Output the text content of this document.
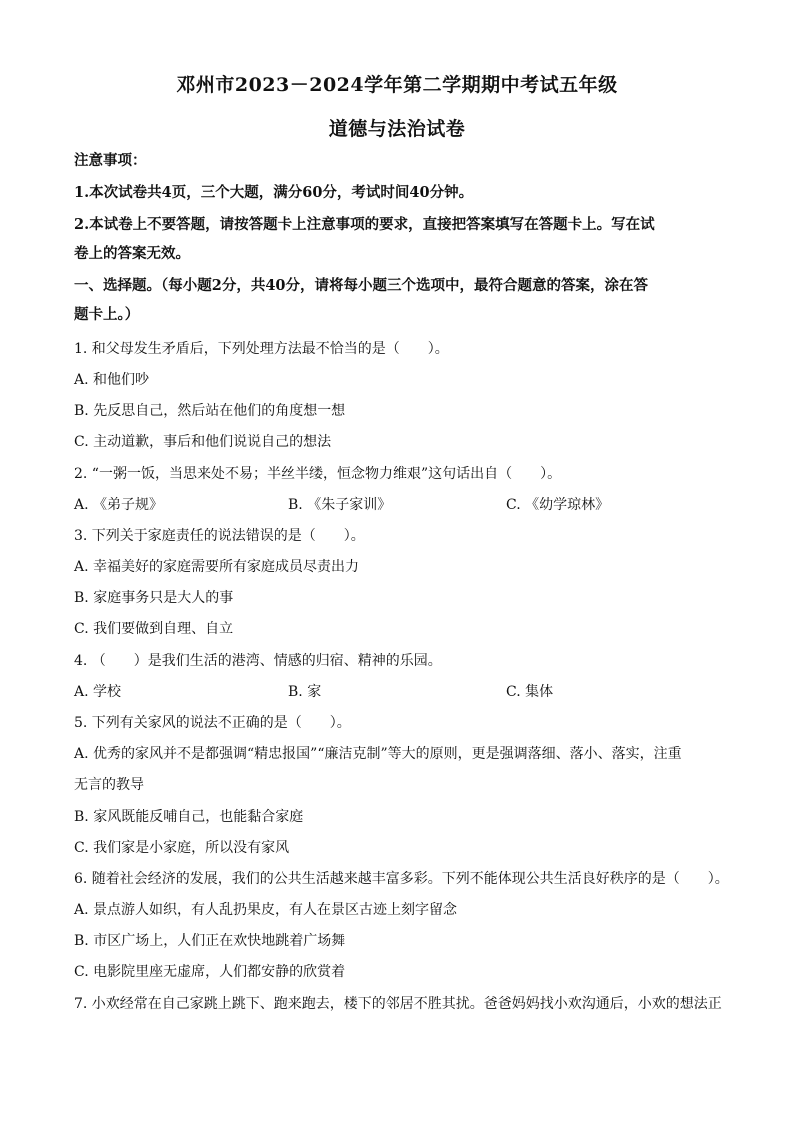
邓州市2023－2024学年第二学期期中考试五年级
道德与法治试卷
注意事项：
1.本次试卷共4页，三个大题，满分60分，考试时间40分钟。
2.本试卷上不要答题，请按答题卡上注意事项的要求，直接把答案填写在答题卡上。写在试
卷上的答案无效。
一、选择题。（每小题2分，共40分，请将每小题三个选项中，最符合题意的答案，涂在答
题卡上。）
1. 和父母发生矛盾后，下列处理方法最不恰当的是（　　）。
A. 和他们吵
B. 先反思自己，然后站在他们的角度想一想
C. 主动道歉，事后和他们说说自己的想法
2. “一粥一饭，当思来处不易；半丝半缕，恒念物力维艰”这句话出自（　　）。
A. 《弟子规》	B. 《朱子家训》	C. 《幼学琼林》
3. 下列关于家庭责任的说法错误的是（　　）。
A. 幸福美好的家庭需要所有家庭成员尽责出力
B. 家庭事务只是大人的事
C. 我们要做到自理、自立
4. （　　）是我们生活的港湾、情感的归宿、精神的乐园。
A. 学校	B. 家	C. 集体
5. 下列有关家风的说法不正确的是（　　）。
A. 优秀的家风并不是都强调“精忠报国”“廉洁克制”等大的原则，更是强调落细、落小、落实，注重
无言的教导
B. 家风既能反哺自己，也能黏合家庭
C. 我们家是小家庭，所以没有家风
6. 随着社会经济的发展，我们的公共生活越来越丰富多彩。下列不能体现公共生活良好秩序的是（　　）。
A. 景点游人如织，有人乱扔果皮，有人在景区古迹上刻字留念
B. 市区广场上，人们正在欢快地跳着广场舞
C. 电影院里座无虚席，人们都安静的欣赏着
7. 小欢经常在自己家跳上跳下、跑来跑去，楼下的邻居不胜其扰。爸爸妈妈找小欢沟通后，小欢的想法正
